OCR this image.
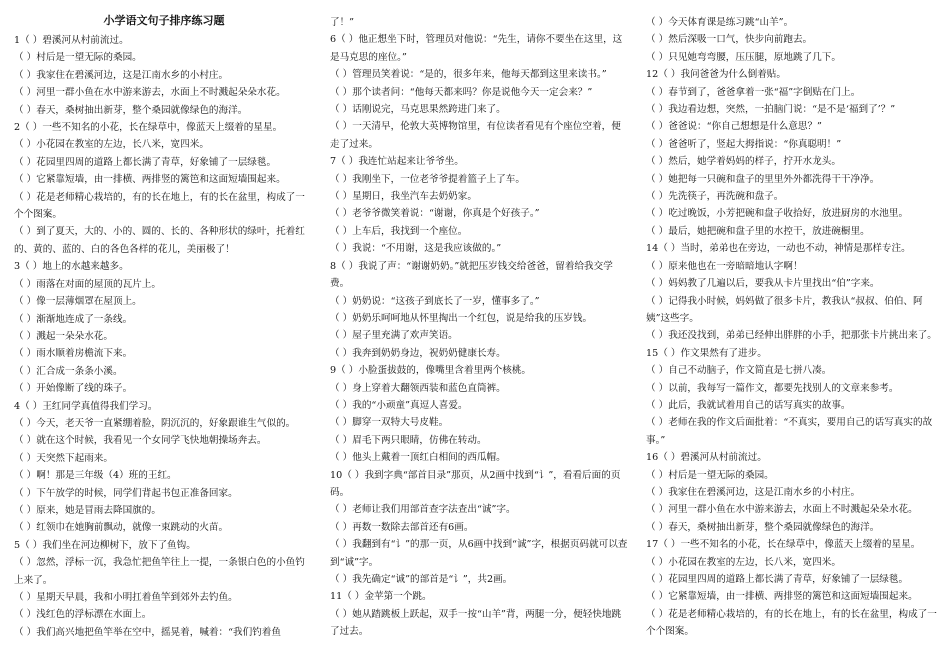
小学语文句子排序练习题
1（ ）碧溪河从村前流过。
（ ）村后是一望无际的桑园。
（ ）我家住在碧溪河边，这是江南水乡的小村庄。
（ ）河里一群小鱼在水中游来游去，水面上不时溅起朵朵水花。
（ ）春天，桑树抽出新芽，整个桑园就像绿色的海洋。
2（ ）一些不知名的小花，长在绿草中，像蓝天上缀着的星星。
（ ）小花园在教室的左边，长八米，宽四米。
（ ）花园里四周的道路上都长满了青草，好象铺了一层绿毯。
（ ）它紧靠短墙，由一排横、两排竖的篱笆和这面短墙围起来。
（ ）花是老师精心栽培的，有的长在地上，有的长在盆里，构成了一个个图案。
（ ）到了夏天，大的、小的、圆的、长的、各种形状的绿叶，托着红的、黄的、蓝的、白的各色各样的花儿，美丽极了！
3（ ）地上的水越来越多。
（ ）雨落在对面的屋顶的瓦片上。
（ ）像一层薄烟罩在屋顶上。
（ ）渐渐地连成了一条线。
（ ）溅起一朵朵水花。
（ ）雨水顺着房檐流下来。
（ ）汇合成一条条小溪。
（ ）开始像断了线的珠子。
4（ ）王红同学真值得我们学习。
（ ）今天，老天爷一直紧绷着脸，阴沉沉的，好象跟谁生气似的。
（ ）就在这个时候，我看见一个女同学飞快地朝操场奔去。
（ ）天突然下起雨来。
（ ）啊！那是三年级（4）班的王红。
（ ）下午放学的时候，同学们背起书包正准备回家。
（ ）原来，她是冒雨去降国旗的。
（ ）红领巾在她胸前飘动，就像一束跳动的火苗。
5（ ）我们坐在河边柳树下，放下了鱼钩。
（ ）忽然，浮标一沉，我急忙把鱼竿往上一提，一条银白色的小鱼钓上来了。
（ ）星期天早晨，我和小明扛着鱼竿到郊外去钓鱼。
（ ）浅红色的浮标漂在水面上。
（ ）我们高兴地把鱼竿举在空中，摇晃着，喊着：“我们钓着鱼
了！”
6（ ）他正想坐下时，管理员对他说：“先生，请你不要坐在这里，这是马克思的座位。”
（ ）管理员笑着说：“是的，很多年来，他每天都到这里来读书。”
（ ）那个读者问：“他每天都来吗？你是说他今天一定会来？”
（ ）话刚说完，马克思果然跨进门来了。
（ ）一天清早，伦敦大英博物馆里，有位读者看见有个座位空着，便走了过来。
7（ ）我连忙站起来让爷爷坐。
（ ）我刚坐下，一位老爷爷提着篮子上了车。
（ ）星期日，我坐汽车去奶奶家。
（ ）老爷爷微笑着说：“谢谢，你真是个好孩子。”
（ ）上车后，我找到一个座位。
（ ）我说：“不用谢，这是我应该做的。”
8（ ）我说了声：“谢谢奶奶。”就把压岁钱交给爸爸，留着给我交学费。
（ ）奶奶说：“这孩子到底长了一岁，懂事多了。”
（ ）奶奶乐呵呵地从怀里掏出一个红包，说是给我的压岁钱。
（ ）屋子里充满了欢声笑语。
（ ）我奔到奶奶身边，祝奶奶健康长寿。
9（ ）小脸蛋拔鼓的，像嘴里含着里两个核桃。
（ ）身上穿着大翻领西装和蓝色直筒裤。
（ ）我的“小顽童”真逗人喜爱。
（ ）脚穿一双特大号皮鞋。
（ ）眉毛下两只眼睛，仿佛在转动。
（ ）他头上戴着一顶红白相间的西瓜帽。
10（ ）我到字典“部首目录”那页，从2画中找到“讠”，看看后面的页码。
（ ）老师让我们用部首查字法查出“诚”字。
（ ）再数一数除去部首还有6画。
（ ）我翻到有“讠”的那一页，从6画中找到“诚”字，根据页码就可以查到“诚”字。
（ ）我先确定“诚”的部首是“讠”，共2画。
11（ ）金苹第一个跳。
（ ）她从踏跳板上跃起，双手一按“山羊”背，两腿一分，便轻快地跳了过去。
（ ）今天体育课是练习跳“山羊”。
（ ）然后深吸一口气，快步向前跑去。
（ ）只见她弯弯腰，压压腿，原地跳了几下。
12（ ）我问爸爸为什么倒着贴。
（ ）春节到了，爸爸拿着一张“福”字倒贴在门上。
（ ）我边看边想，突然，一拍脑门说：“是不是‘福到了’？”
（ ）爸爸说：“你自己想想是什么意思？”
（ ）爸爸听了，竖起大拇指说：“你真聪明！”
（ ）然后，她学着妈妈的样子，拧开水龙头。
（ ）她把每一只碗和盘子的里里外外都洗得干干净净。
（ ）先洗筷子，再洗碗和盘子。
（ ）吃过晚饭，小芳把碗和盘子收拾好，放进厨房的水池里。
（ ）最后，她把碗和盘子里的水控干，放进碗橱里。
14（ ）当时，弟弟也在旁边，一动也不动，神情是那样专注。
（ ）原来他也在一旁暗暗地认字啊！
（ ）妈妈教了几遍以后，要我从卡片里找出“伯”字来。
（ ）记得我小时候，妈妈做了很多卡片，教我认“叔叔、伯伯、阿姨”这些字。
（ ）我还没找到，弟弟已经伸出胖胖的小手，把那张卡片挑出来了。
15（ ）作文果然有了进步。
（ ）自己不动脑子，作文简直是七拼八凑。
（ ）以前，我每写一篇作文，都要先找别人的文章来参考。
（ ）此后，我就试着用自己的话写真实的故事。
（ ）老师在我的作文后面批着：“不真实，要用自己的话写真实的故事。”
16（ ）碧溪河从村前流过。
（ ）村后是一望无际的桑园。
（ ）我家住在碧溪河边，这是江南水乡的小村庄。
（ ）河里一群小鱼在水中游来游去，水面上不时溅起朵朵水花。
（ ）春天，桑树抽出新芽，整个桑园就像绿色的海洋。
17（ ）一些不知名的小花，长在绿草中，像蓝天上缀着的星星。
（ ）小花园在教室的左边，长八米，宽四米。
（ ）花园里四周的道路上都长满了青草，好象铺了一层绿毯。
（ ）它紧靠短墙，由一排横、两排竖的篱笆和这面短墙围起来。
（ ）花是老师精心栽培的，有的长在地上，有的长在盆里，构成了一个个图案。
